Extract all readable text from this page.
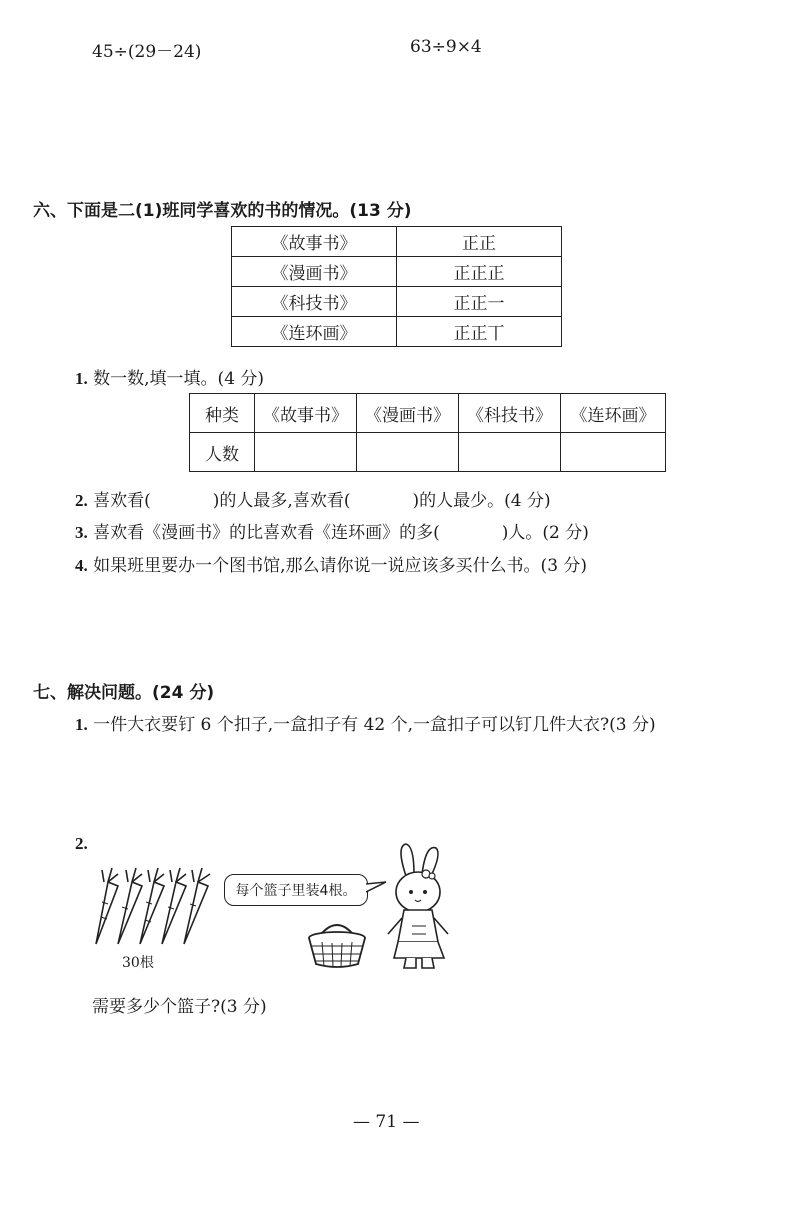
45÷(29－24)	63÷9×4
六、下面是二(1)班同学喜欢的书的情况。(13 分)
《故事书》	正正
《漫画书》	正正正
《科技书》	正正一
《连环画》	正正丅
1. 数一数,填一填。(4 分)
种类	《故事书》	《漫画书》	《科技书》	《连环画》
人数				
2. 喜欢看(	)的人最多,喜欢看(	)的人最少。(4 分)
3. 喜欢看《漫画书》的比喜欢看《连环画》的多(	)人。(2 分)
4. 如果班里要办一个图书馆,那么请你说一说应该多买什么书。(3 分)
七、解决问题。(24 分)
1. 一件大衣要钉 6 个扣子,一盒扣子有 42 个,一盒扣子可以钉几件大衣?(3 分)
2.
30根
每个篮子里装4根。
需要多少个篮子?(3 分)
— 71 —
